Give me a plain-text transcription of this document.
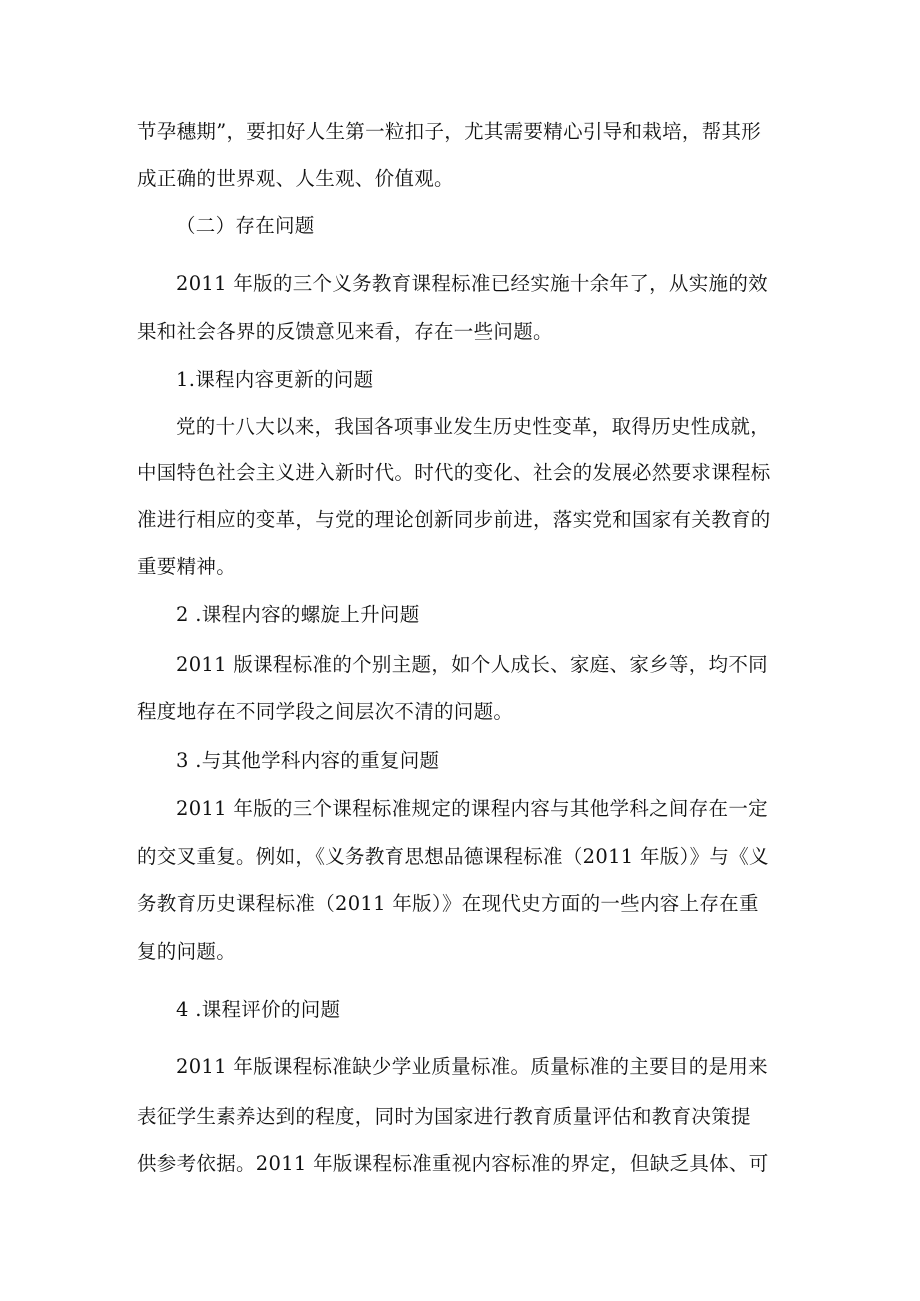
节孕穗期”，要扣好人生第一粒扣子，尤其需要精心引导和栽培，帮其形
成正确的世界观、人生观、价值观。
（二）存在问题
2011 年版的三个义务教育课程标准已经实施十余年了，从实施的效
果和社会各界的反馈意见来看，存在一些问题。
1.课程内容更新的问题
党的十八大以来，我国各项事业发生历史性变革，取得历史性成就，
中国特色社会主义进入新时代。时代的变化、社会的发展必然要求课程标
准进行相应的变革，与党的理论创新同步前进，落实党和国家有关教育的
重要精神。
2 .课程内容的螺旋上升问题
2011 版课程标准的个别主题，如个人成长、家庭、家乡等，均不同
程度地存在不同学段之间层次不清的问题。
3 .与其他学科内容的重复问题
2011 年版的三个课程标准规定的课程内容与其他学科之间存在一定
的交叉重复。例如，《义务教育思想品德课程标准（2011 年版）》与《义
务教育历史课程标准（2011 年版）》在现代史方面的一些内容上存在重
复的问题。
4 .课程评价的问题
2011 年版课程标准缺少学业质量标准。质量标准的主要目的是用来
表征学生素养达到的程度，同时为国家进行教育质量评估和教育决策提
供参考依据。2011 年版课程标准重视内容标准的界定，但缺乏具体、可
